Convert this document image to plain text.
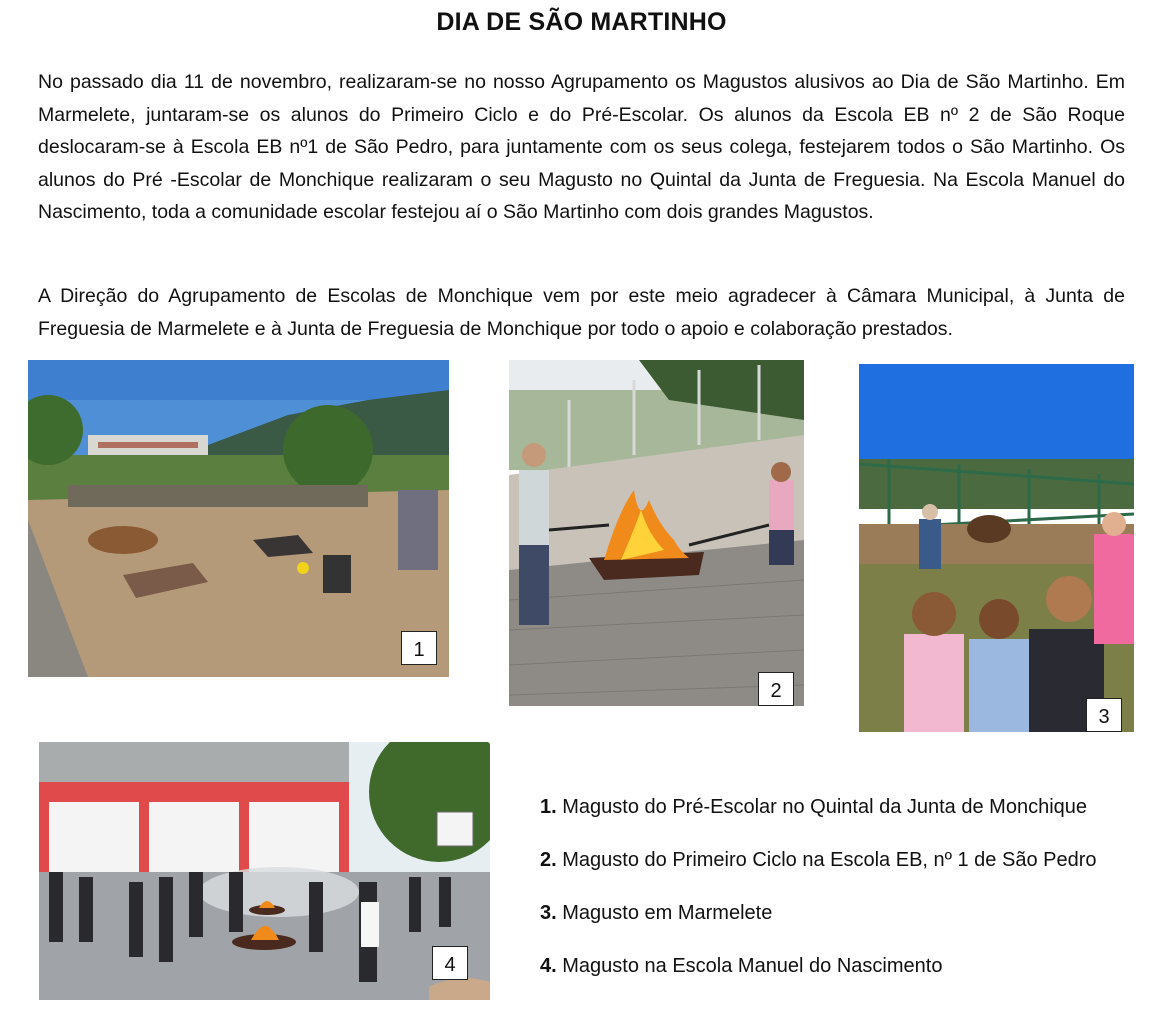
DIA DE SÃO MARTINHO

No passado dia 11 de novembro, realizaram-se no nosso Agrupamento os Magustos alusivos ao Dia de São Martinho. Em Marmelete, juntaram-se os alunos do Primeiro Ciclo e do Pré-Escolar. Os alunos da Escola EB nº 2 de São Roque deslocaram-se à Escola EB nº1 de São Pedro, para juntamente com os seus colega, festejarem todos o São Martinho. Os alunos do Pré -Escolar de Monchique realizaram o seu Magusto no Quintal da Junta de Freguesia. Na Escola Manuel do Nascimento, toda a comunidade escolar festejou aí o São Martinho com dois grandes Magustos.

A Direção do Agrupamento de Escolas de Monchique vem por este meio agradecer à Câmara Municipal, à Junta de Freguesia de Marmelete e à Junta de Freguesia de Monchique por todo o apoio e colaboração prestados.

1
2
3
4
1. Magusto do Pré-Escolar no Quintal da Junta de Monchique
2. Magusto do Primeiro Ciclo na Escola EB, nº 1 de São Pedro
3. Magusto em Marmelete
4. Magusto na Escola Manuel do Nascimento
